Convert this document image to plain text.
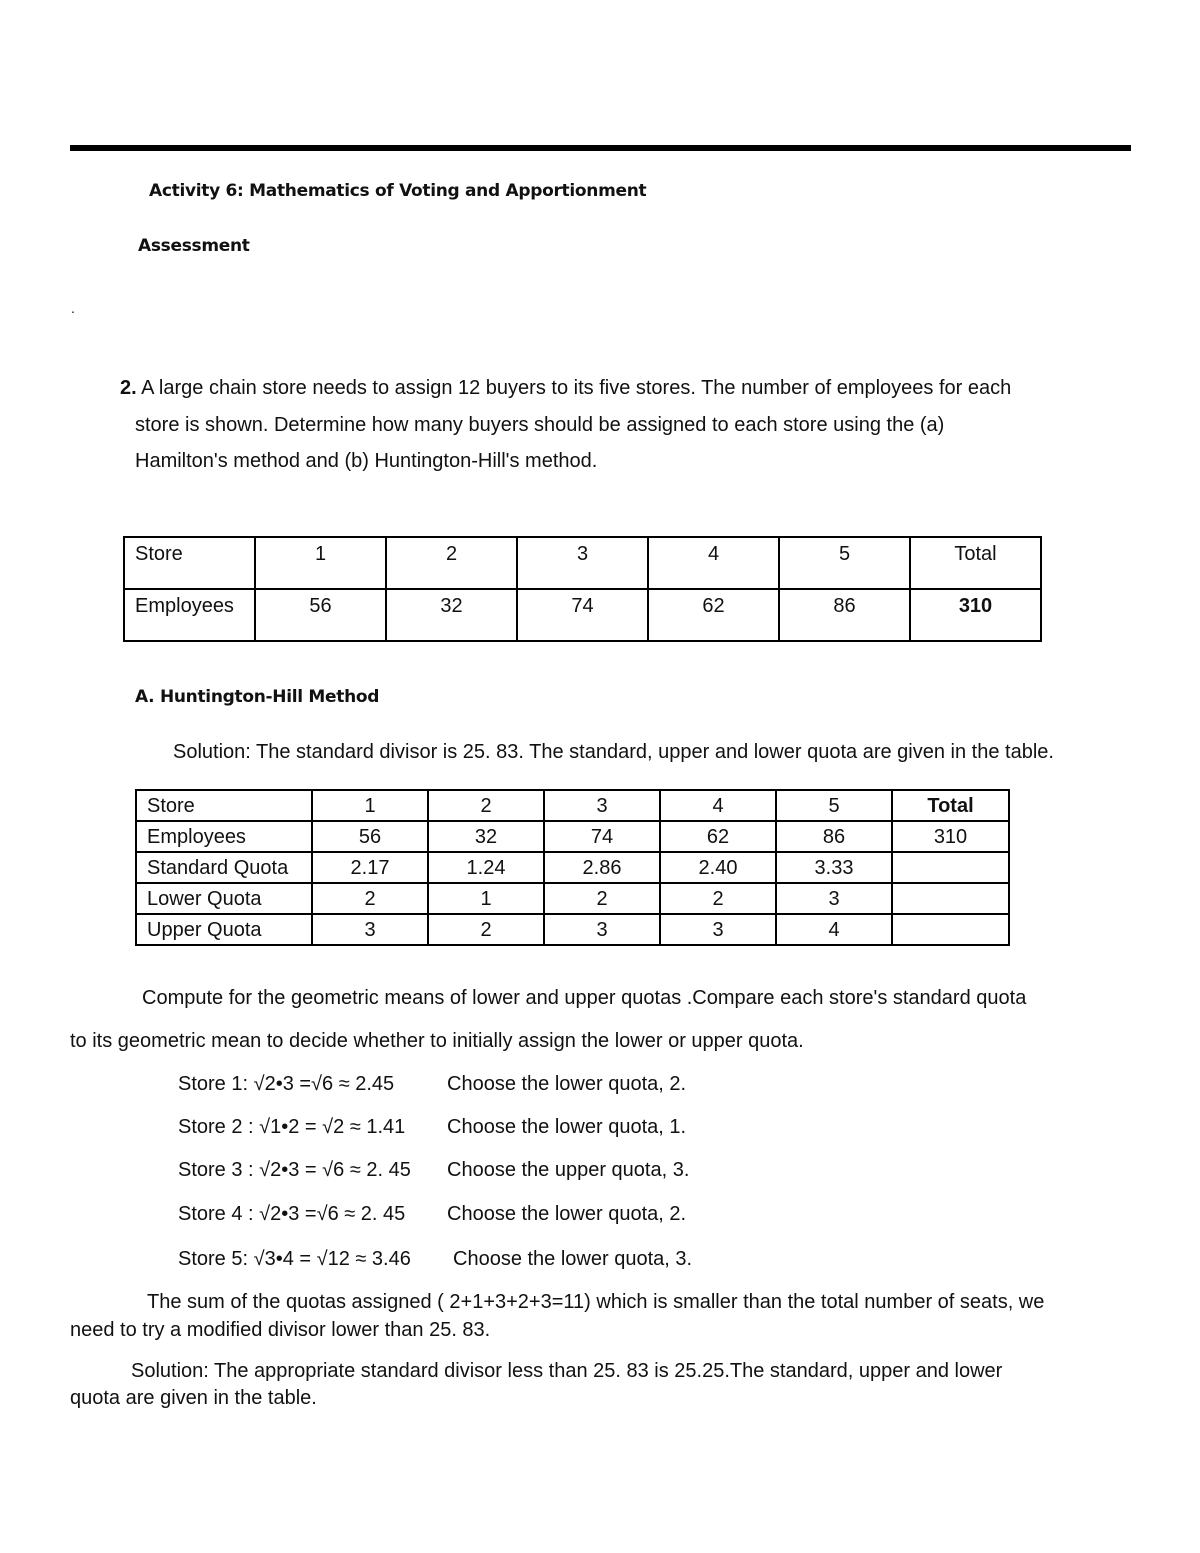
Activity 6: Mathematics of Voting and Apportionment
Assessment
.
2. A large chain store needs to assign 12 buyers to its five stores. The number of employees for each
store is shown. Determine how many buyers should be assigned to each store using the (a)
Hamilton's method and (b) Huntington-Hill's method.
Store	1	2	3	4	5	Total
Employees	56	32	74	62	86	310
A. Huntington-Hill Method
Solution: The standard divisor is 25. 83. The standard, upper and lower quota are given in the table.
Store	1	2	3	4	5	Total
Employees	56	32	74	62	86	310
Standard Quota	2.17	1.24	2.86	2.40	3.33	
Lower Quota	2	1	2	2	3	
Upper Quota	3	2	3	3	4	
Compute for the geometric means of lower and upper quotas .Compare each store's standard quota
to its geometric mean to decide whether to initially assign the lower or upper quota.
Store 1: √2•3 =√6 ≈ 2.45	Choose the lower quota, 2.
Store 2 : √1•2 = √2 ≈ 1.41 Choose the lower quota, 1.
Store 3 : √2•3 = √6 ≈ 2. 45 Choose the upper quota, 3.
Store 4 : √2•3 =√6 ≈ 2. 45 Choose the lower quota, 2.
Store 5: √3•4 = √12 ≈ 3.46 Choose the lower quota, 3.
The sum of the quotas assigned ( 2+1+3+2+3=11) which is smaller than the total number of seats, we
need to try a modified divisor lower than 25. 83.
Solution: The appropriate standard divisor less than 25. 83 is 25.25.The standard, upper and lower
quota are given in the table.
